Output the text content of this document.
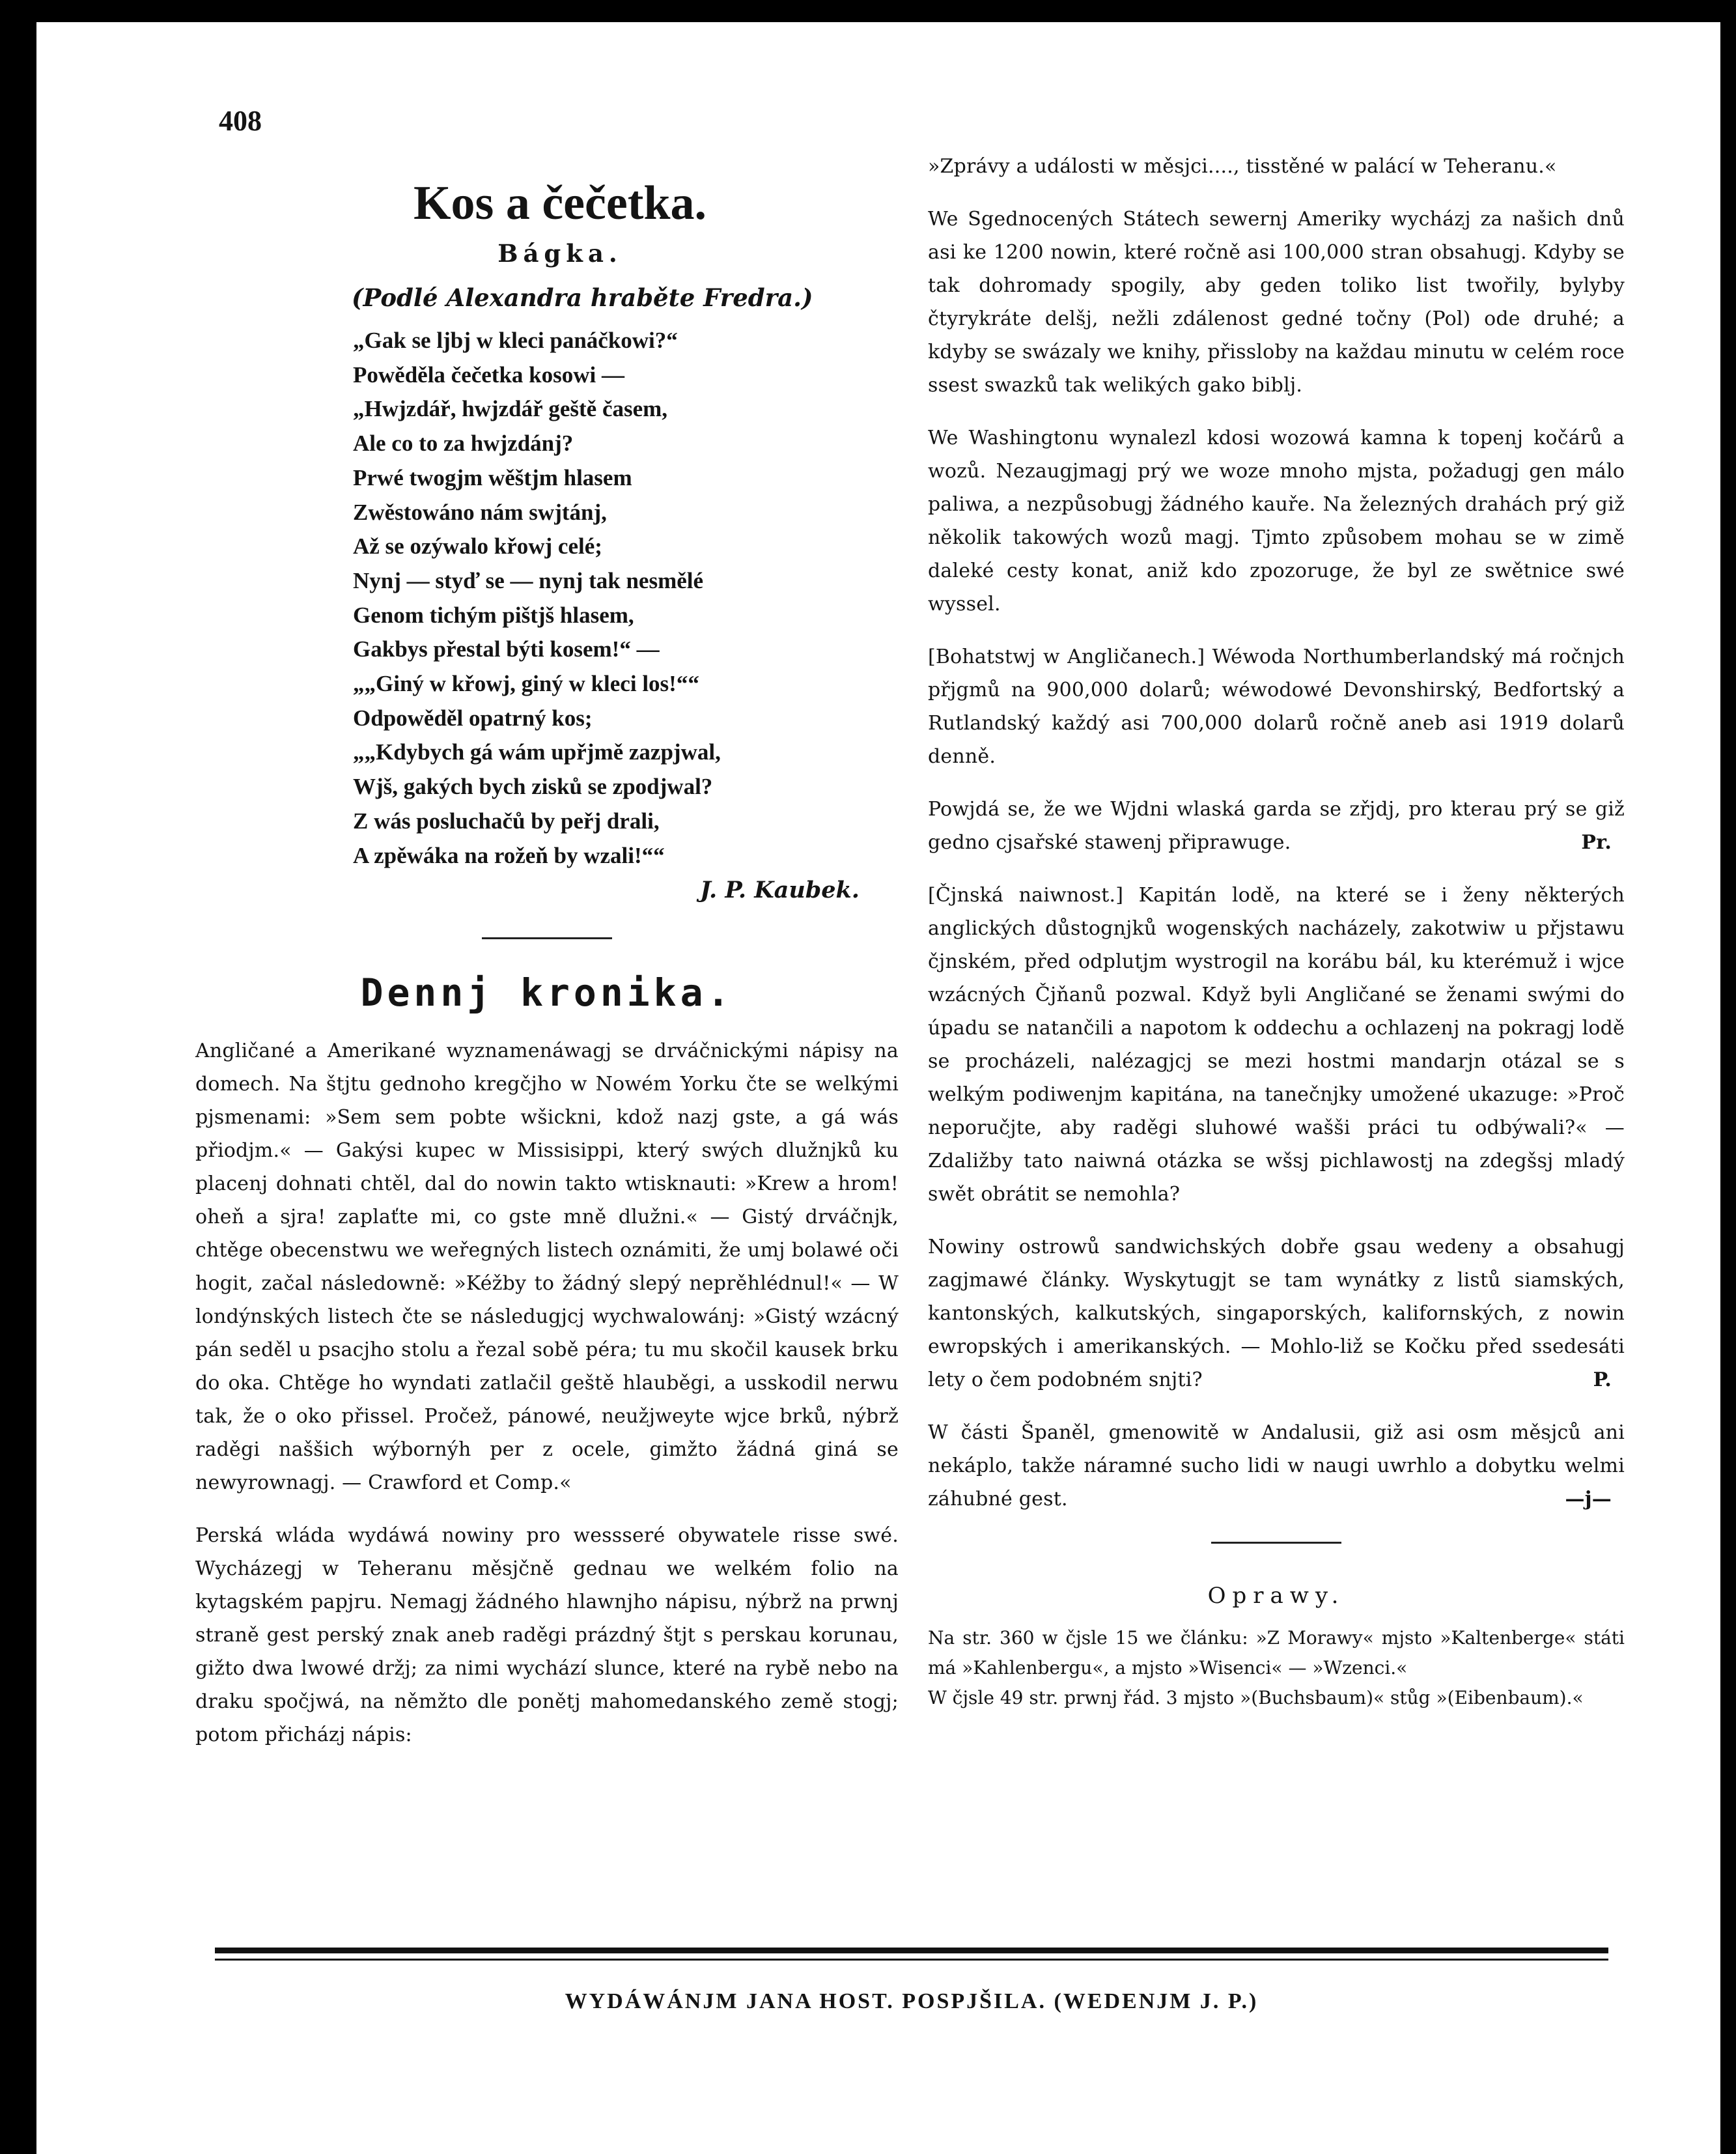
408
Kos a čečetka.
Bágka.
(Podlé Alexandra hraběte Fredra.)
„Gak se ljbj w kleci panáčkowi?“
Powěděla čečetka kosowi —
„Hwjzdář, hwjzdář geště časem,
Ale co to za hwjzdánj?
Prwé twogjm wěštjm hlasem
Zwěstowáno nám swjtánj,
Až se ozýwalo křowj celé;
Nynj — styď se — nynj tak nesmělé
Genom tichým pištjš hlasem,
Gakbys přestal býti kosem!“ —
„„Giný w křowj, giný w kleci los!““
Odpowěděl opatrný kos;
„„Kdybych gá wám upřjmě zazpjwal,
Wjš, gakých bych zisků se zpodjwal?
Z wás posluchačů by peřj drali,
A zpěwáka na rožeň by wzali!““
J. P. Kaubek.
Dennj kronika.

Angličané a Amerikané wyznamenáwagj se drváčnickými nápisy na domech. Na štjtu gednoho kregčjho w Nowém Yorku čte se welkými pjsmenami: »Sem sem pobte wšickni, kdož nazj gste, a gá wás přiodjm.« — Gakýsi kupec w Missisippi, který swých dlužnjků ku placenj dohnati chtěl, dal do nowin takto wtisknauti: »Krew a hrom! oheň a sjra! zaplaťte mi, co gste mně dlužni.« — Gistý drváčnjk, chtěge obecenstwu we weřegných listech oznámiti, že umj bolawé oči hogit, začal následowně: »Kéžby to žádný slepý neprěhlédnul!« — W londýnských listech čte se následugjcj wychwalowánj: »Gistý wzácný pán seděl u psacjho stolu a řezal sobě péra; tu mu skočil kausek brku do oka. Chtěge ho wyndati zatlačil geště hlauběgi, a usskodil nerwu tak, že o oko přissel. Pročež, pánowé, neužjweyte wjce brků, nýbrž raděgi naššich wýbornýh per z ocele, gimžto žádná giná se newyrownagj. — Crawford et Comp.«

Perská wláda wydáwá nowiny pro wessseré obywatele risse swé. Wycházegj w Teheranu měsjčně gednau we welkém folio na kytagském papjru. Nemagj žádného hlawnjho nápisu, nýbrž na prwnj straně gest perský znak aneb raděgi prázdný štjt s perskau korunau, gižto dwa lwowé držj; za nimi wychází slunce, které na rybě nebo na draku spočjwá, na němžto dle ponětj mahomedanského země stogj; potom přicházj nápis:

»Zprávy a události w měsjci...., tisstěné w palácí w Teheranu.«

We Sgednocených Státech sewernj Ameriky wycházj za našich dnů asi ke 1200 nowin, které ročně asi 100,000 stran obsahugj. Kdyby se tak dohromady spogily, aby geden toliko list twořily, bylyby čtyrykráte delšj, nežli zdálenost gedné točny (Pol) ode druhé; a kdyby se swázaly we knihy, přissloby na každau minutu w celém roce ssest swazků tak welikých gako biblj.

We Washingtonu wynalezl kdosi wozowá kamna k topenj kočárů a wozů. Nezaugjmagj prý we woze mnoho mjsta, požadugj gen málo paliwa, a nezpůsobugj žádného kauře. Na železných drahách prý giž několik takowých wozů magj. Tjmto způsobem mohau se w zimě daleké cesty konat, aniž kdo zpozoruge, že byl ze swětnice swé wyssel.

[Bohatstwj w Angličanech.] Wéwoda Northumberlandský má ročnjch přjgmů na 900,000 dolarů; wéwodowé Devonshirský, Bedfortský a Rutlandský každý asi 700,000 dolarů ročně aneb asi 1919 dolarů denně.

Powjdá se, že we Wjdni wlaská garda se zřjdj, pro kterau prý se giž gedno cjsařské stawenj připrawuge.	Pr.

[Čjnská naiwnost.] Kapitán lodě, na které se i ženy některých anglických důstognjků wogenských nacházely, zakotwiw u přjstawu čjnském, před odplutjm wystrogil na korábu bál, ku kterémuž i wjce wzácných Čjňanů pozwal. Když byli Angličané se ženami swými do úpadu se natančili a napotom k oddechu a ochlazenj na pokragj lodě se procházeli, nalézagjcj se mezi hostmi mandarjn otázal se s welkým podiwenjm kapitána, na tanečnjky umožené ukazuge: »Proč neporučjte, aby raděgi sluhowé wašši práci tu odbýwali?« — Zdaližby tato naiwná otázka se wšsj pichlawostj na zdegšsj mladý swět obrátit se nemohla?

Nowiny ostrowů sandwichských dobře gsau wedeny a obsahugj zagjmawé články. Wyskytugjt se tam wynátky z listů siamských, kantonských, kalkutských, singaporských, kalifornských, z nowin ewropských i amerikanských. — Mohlo-liž se Kočku před ssedesáti lety o čem podobném snjti?	P.

W části Španěl, gmenowitě w Andalusii, giž asi osm měsjců ani nekáplo, takže náramné sucho lidi w naugi uwrhlo a dobytku welmi záhubné gest.	—j—

Oprawy.

Na str. 360 w čjsle 15 we článku: »Z Morawy« mjsto »Kaltenberge« státi má »Kahlenbergu«, a mjsto »Wisenci« — »Wzenci.«

W čjsle 49 str. prwnj řád. 3 mjsto »(Buchsbaum)« stůg »(Eibenbaum).«

WYDÁWÁNJM JANA HOST. POSPJŠILA. (WEDENJM J. P.)
